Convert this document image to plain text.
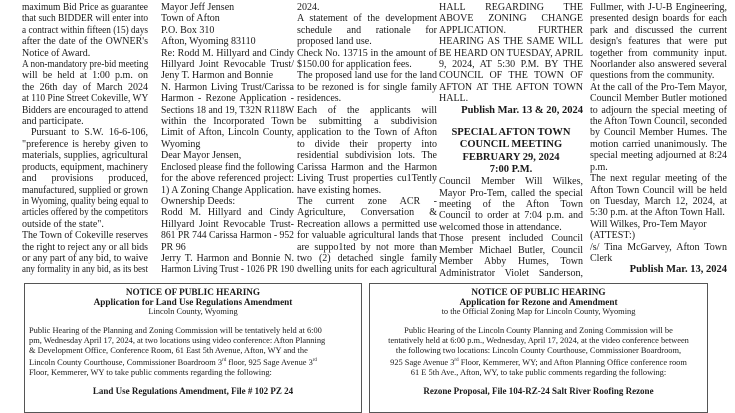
maximum Bid Price as guarantee
that such BIDDER will enter into
a contract within fifteen (15) days
after the date of the OWNER's
Notice of Award.
A non-mandatory pre-bid meeting
will be held at 1:00 p.m. on
the 26th day of March 2024
at 110 Pine Street Cokeville, WY
Bidders are encouraged to attend
and participate.
Pursuant to S.W. 16-6-106,
"preference is hereby given to
materials, supplies, agricultural
products, equipment, machinery
and provisions produced,
manufactured, supplied or grown
in Wyoming, quality being equal to
articles offered by the competitors
outside of the state".
The Town of Cokeville reserves
the right to reject any or all bids
or any part of any bid, to waive
any formality in any bid, as its best
Mayor Jeff Jensen
Town of Afton
P.O. Box 310
Afton, Wyoming 83110
Re: Rodd M. Hillyard and Cindy
Hillyard Joint Revocable Trust/
Jeny T. Harmon and Bonnie
N. Harmon Living Trust/Carissa
Harmon - Rezone Application -
Sections 18 and 19, T32N R118W
within the Incorporated Town
Limit of Afton, Lincoln County,
Wyoming
Dear Mayor Jensen,
Enclosed please find the following
for the above referenced project:
1) A Zoning Change Application.
Ownership Deeds:
Rodd M. Hillyard and Cindy
Hillyard Joint Revocable Trust-
861 PR 744 Carissa Harmon - 952
PR 96
Jerry T. Harmon and Bonnie N.
Harmon Living Trust - 1026 PR 190
2024.
A statement of the development
schedule and rationale for
proposed land use.
Check No. 13715 in the amount of
$150.00 for application fees.
The proposed land use for the land
to be rezoned is for single family
residences.
Each of the applicants will
be submitting a subdivision
application to the Town of Afton
to divide their property into
residential subdivision lots. The
Carissa Harmon and the Harmon
Living Trust properties cu1Tently
have existing homes.
The current zone ACR -
Agriculture, Conversation &
Recreation allows a permitted use
for valuable agricultural lands that
are suppo1ted by not more than
two (2) detached single family
dwelling units for each agricultural
HALL REGARDING THE
ABOVE ZONING CHANGE
APPLICATION. FURTHER
HEARING AS THE SAME WILL
BE HEARD ON TUESDAY, APRIL
9, 2024, AT 5:30 P.M. BY THE
COUNCIL OF THE TOWN OF
AFTON AT THE AFTON TOWN
HALL.
Publish Mar. 13 & 20, 2024
SPECIAL AFTON TOWN
COUNCIL MEETING
FEBRUARY 29, 2024
7:00 P.M.
Council Member Will Wilkes,
Mayor Pro-Tem, called the special
meeting of the Afton Town
Council to order at 7:04 p.m. and
welcomed those in attendance.
Those present included Council
Member Michael Butler, Council
Member Abby Humes, Town
Administrator Violet Sanderson,
Fullmer, with J-U-B Engineering,
presented design boards for each
park and discussed the current
design's features that were put
together from community input.
Noorlander also answered several
questions from the community.
At the call of the Pro-Tem Mayor,
Council Member Butler motioned
to adjourn the special meeting of
the Afton Town Council, seconded
by Council Member Humes. The
motion carried unanimously. The
special meeting adjourned at 8:24
p.m.
The next regular meeting of the
Afton Town Council will be held
on Tuesday, March 12, 2024, at
5:30 p.m. at the Afton Town Hall.
Will Wilkes, Pro-Tem Mayor
(ATTEST:)
/s/ Tina McGarvey, Afton Town
Clerk
Publish Mar. 13, 2024
NOTICE OF PUBLIC HEARING
Application for Land Use Regulations Amendment
Lincoln County, Wyoming
Public Hearing of the Planning and Zoning Commission will be tentatively held at 6:00
pm, Wednesday April 17, 2024, at two locations using video conference: Afton Planning
& Development Office, Conference Room, 61 East 5th Avenue, Afton, WY and the
Lincoln County Courthouse, Commissioner Boardroom 3rd floor, 925 Sage Avenue 3rd
Floor, Kemmerer, WY to take public comments regarding the following:
Land Use Regulations Amendment, File # 102 PZ 24
NOTICE OF PUBLIC HEARING
Application for Rezone and Amendment
to the Official Zoning Map for Lincoln County, Wyoming
Public Hearing of the Lincoln County Planning and Zoning Commission will be
tentatively held at 6:00 p.m., Wednesday, April 17, 2024, at the video conference between
the following two locations: Lincoln County Courthouse, Commissioner Boardroom,
925 Sage Avenue 3rd Floor, Kemmerer, WY; and Afton Planning Office conference room
61 E 5th Ave., Afton, WY, to take public comments regarding the following:
Rezone Proposal, File 104-RZ-24 Salt River Roofing Rezone
